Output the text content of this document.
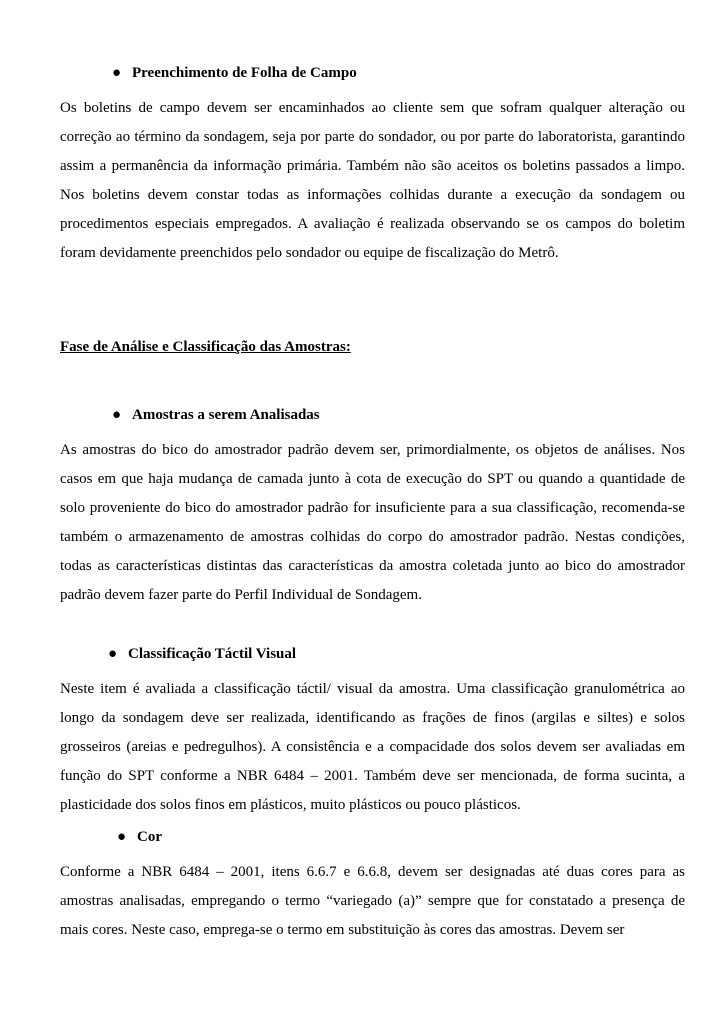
● Preenchimento de Folha de Campo

Os boletins de campo devem ser encaminhados ao cliente sem que sofram qualquer alteração ou correção ao término da sondagem, seja por parte do sondador, ou por parte do laboratorista, garantindo assim a permanência da informação primária. Também não são aceitos os boletins passados a limpo. Nos boletins devem constar todas as informações colhidas durante a execução da sondagem ou procedimentos especiais empregados. A avaliação é realizada observando se os campos do boletim foram devidamente preenchidos pelo sondador ou equipe de fiscalização do Metrô.

Fase de Análise e Classificação das Amostras:
● Amostras a serem Analisadas

As amostras do bico do amostrador padrão devem ser, primordialmente, os objetos de análises. Nos casos em que haja mudança de camada junto à cota de execução do SPT ou quando a quantidade de solo proveniente do bico do amostrador padrão for insuficiente para a sua classificação, recomenda-se também o armazenamento de amostras colhidas do corpo do amostrador padrão. Nestas condições, todas as características distintas das características da amostra coletada junto ao bico do amostrador padrão devem fazer parte do Perfil Individual de Sondagem.

● Classificação Táctil Visual

Neste item é avaliada a classificação táctil/ visual da amostra. Uma classificação granulométrica ao longo da sondagem deve ser realizada, identificando as frações de finos (argilas e siltes) e solos grosseiros (areias e pedregulhos). A consistência e a compacidade dos solos devem ser avaliadas em função do SPT conforme a NBR 6484 – 2001. Também deve ser mencionada, de forma sucinta, a plasticidade dos solos finos em plásticos, muito plásticos ou pouco plásticos.

● Cor

Conforme a NBR 6484 – 2001, itens 6.6.7 e 6.6.8, devem ser designadas até duas cores para as amostras analisadas, empregando o termo “variegado (a)” sempre que for constatado a presença de mais cores. Neste caso, emprega-se o termo em substituição às cores das amostras. Devem ser
